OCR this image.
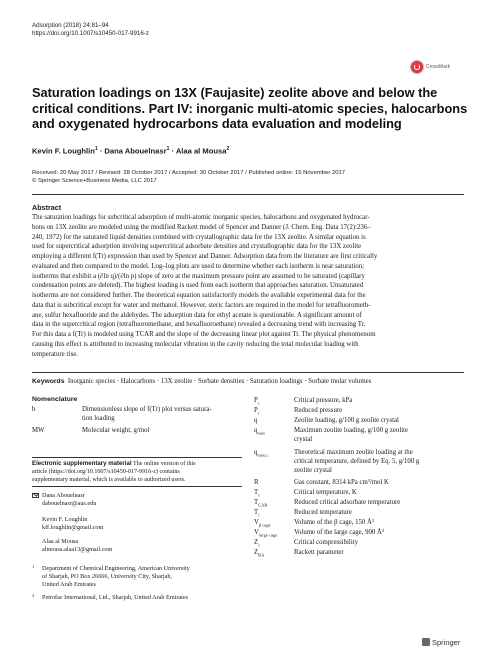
Adsorption (2018) 24:81–94
https://doi.org/10.1007/s10450-017-9916-z
CrossMark
Saturation loadings on 13X (Faujasite) zeolite above and below the
critical conditions. Part IV: inorganic multi-atomic species, halocarbons
and oxygenated hydrocarbons data evaluation and modeling
Kevin F. Loughlin$^1$ · Dana Abouelnasr$^1$ · Alaa al Mousa$^2$
Received: 20 May 2017 / Revised: 28 October 2017 / Accepted: 30 October 2017 / Published online: 15 November 2017
© Springer Science+Business Media, LLC 2017
Abstract
The saturation loadings for subcritical adsorption of multi-atomic inorganic species, halocarbons and oxygenated hydrocar-
bons on 13X zeolite are modeled using the modified Rackett model of Spencer and Danner (J. Chem. Eng. Data 17(2):236–
240, 1972) for the saturated liquid densities combined with crystallographic data for the 13X zeolite. A similar equation is
used for supercritical adsorption involving supercritical adsorbate densities and crystallographic data for the 13X zeolite
employing a different f(Tr) expression than used by Spencer and Danner. Adsorption data from the literature are first critically
evaluated and then compared to the model. Log–log plots are used to determine whether each isotherm is near saturation;
isotherms that exhibit a (∂ln q)/(∂ln p) slope of zero at the maximum pressure point are assumed to be saturated (capillary
condensation points are deleted). The highest loading is used from each isotherm that approaches saturation. Unsaturated
isotherms are not considered further. The theoretical equation satisfactorily models the available experimental data for the
data that is subcritical except for water and methanol. However, steric factors are required in the model for tetrafluorometh-
ane, sulfur hexafluoride and the aldehydes. The adsorption data for ethyl acetate is questionable. A significant amount of
data in the supercritical region (tetrafluoromethane, and hexafluoroethane) revealed a decreasing trend with increasing Tr.
For this data a f(Tr) is modeled using TCAR and the slope of the decreasing linear plot against Tr. The physical phenomenom
causing this effect is attributed to increasing molecular vibration in the cavity reducing the total molecular loading with
temperature rise.
Keywords Inorganic species · Halocarbons · 13X zeolite · Sorbate densities · Saturation loadings · Sorbate molar volumes
Nomenclature
b	Dimensionless slope of f(Tr) plot versus satura-
tion loading
MW	Molecular weight, g/mol
$P_c$	Critical pressure, kPa
$P_r$	Reduced pressure
q	Zeolite loading, g/100 g zeolite crystal
$q_{max}$	Maximum zeolite loading, g/100 g zeolite
crystal
$q_{max,c}$	Theoretical maximum zeolite loading at the
critical temperature, defined by Eq. 5, g/100 g
zeolite crystal
R	Gas constant, 8314 kPa cm³/mol K
$T_c$	Critical temperature, K
$T_{CAR}$	Reduced critical adsorbate temperature
$T_r$	Reduced temperature
$V_{\beta cage}$	Volume of the β cage, 150 Å³
$V_{large cage}$ Volume of the large cage, 900 Å³
$Z_c$	Critical compressibility
$Z_{RA}$	Rackett parameter
Electronic supplementary material The online version of this
article (https://doi.org/10.1007/s10450-017-9916-z) contains
supplementary material, which is available to authorized users.
Dana Abouelnasr
dabouelnasr@aus.edu
Kevin F. Loughlin
kff.loughlin@gmail.com
Alaa al Mousa
almousa.alaa13@gmail.com
1 Department of Chemical Engineering, American University
of Sharjah, PO Box 26666, University City, Sharjah,
United Arab Emirates
2 Petrofac International, Ltd., Sharjah, United Arab Emirates
Springer
